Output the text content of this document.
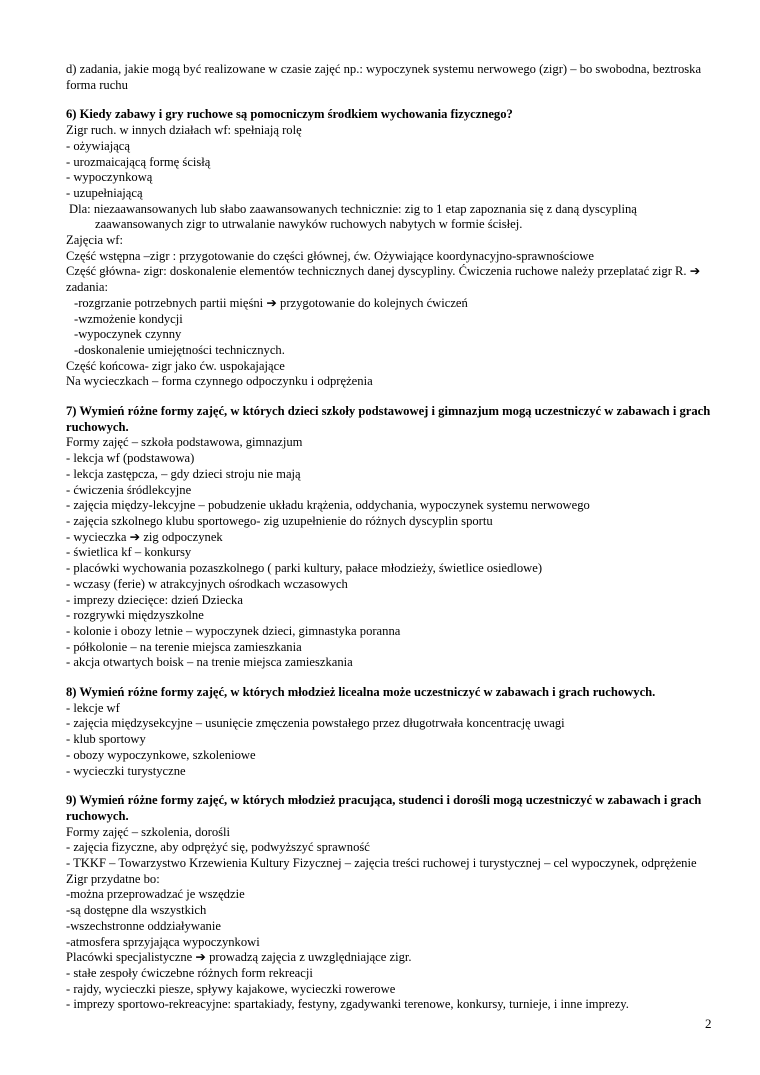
d) zadania, jakie mogą być realizowane w czasie zajęć np.: wypoczynek systemu nerwowego (zigr) – bo swobodna, beztroska
forma ruchu
6) Kiedy zabawy i gry ruchowe są pomocniczym środkiem wychowania fizycznego?
Zigr ruch. w innych działach wf: spełniają rolę
- ożywiającą
- urozmaicającą formę ścisłą
- wypoczynkową
- uzupełniającą
Dla: niezaawansowanych lub słabo zaawansowanych technicznie: zig to 1 etap zapoznania się z daną dyscypliną
zaawansowanych zigr to utrwalanie nawyków ruchowych nabytych w formie ścisłej.
Zajęcia wf:
Część wstępna –zigr : przygotowanie do części głównej, ćw. Ożywiające koordynacyjno-sprawnościowe
Część główna- zigr: doskonalenie elementów technicznych danej dyscypliny. Ćwiczenia ruchowe należy przeplatać zigr R. ➔
zadania:
-rozgrzanie potrzebnych partii mięśni ➔ przygotowanie do kolejnych ćwiczeń
-wzmożenie kondycji
-wypoczynek czynny
-doskonalenie umiejętności technicznych.
Część końcowa- zigr jako ćw. uspokajające
Na wycieczkach – forma czynnego odpoczynku i odprężenia
7) Wymień różne formy zajęć, w których dzieci szkoły podstawowej i gimnazjum mogą uczestniczyć w zabawach i grach ruchowych.
Formy zajęć – szkoła podstawowa, gimnazjum
- lekcja wf (podstawowa)
- lekcja zastępcza, – gdy dzieci stroju nie mają
- ćwiczenia śródlekcyjne
- zajęcia między-lekcyjne – pobudzenie układu krążenia, oddychania, wypoczynek systemu nerwowego
- zajęcia szkolnego klubu sportowego- zig uzupełnienie do różnych dyscyplin sportu
- wycieczka ➔ zig odpoczynek
- świetlica kf – konkursy
- placówki wychowania pozaszkolnego ( parki kultury, pałace młodzieży, świetlice osiedlowe)
- wczasy (ferie) w atrakcyjnych ośrodkach wczasowych
- imprezy dziecięce: dzień Dziecka
- rozgrywki międzyszkolne
- kolonie i obozy letnie – wypoczynek dzieci, gimnastyka poranna
- półkolonie – na terenie miejsca zamieszkania
- akcja otwartych boisk – na trenie miejsca zamieszkania
8) Wymień różne formy zajęć, w których młodzież licealna może uczestniczyć w zabawach i grach ruchowych.
- lekcje wf
- zajęcia międzysekcyjne – usunięcie zmęczenia powstałego przez długotrwała koncentrację uwagi
- klub sportowy
- obozy wypoczynkowe, szkoleniowe
- wycieczki turystyczne
9) Wymień różne formy zajęć, w których młodzież pracująca, studenci i dorośli mogą uczestniczyć w zabawach i grach ruchowych.
Formy zajęć – szkolenia, dorośli
- zajęcia fizyczne, aby odprężyć się, podwyższyć sprawność
- TKKF – Towarzystwo Krzewienia Kultury Fizycznej – zajęcia treści ruchowej i turystycznej – cel wypoczynek, odprężenie
Zigr przydatne bo:
-można przeprowadzać je wszędzie
-są dostępne dla wszystkich
-wszechstronne oddziaływanie
-atmosfera sprzyjająca wypoczynkowi
Placówki specjalistyczne ➔ prowadzą zajęcia z uwzględniające zigr.
- stałe zespoły ćwiczebne różnych form rekreacji
- rajdy, wycieczki piesze, spływy kajakowe, wycieczki rowerowe
- imprezy sportowo-rekreacyjne: spartakiady, festyny, zgadywanki terenowe, konkursy, turnieje, i inne imprezy.
2
